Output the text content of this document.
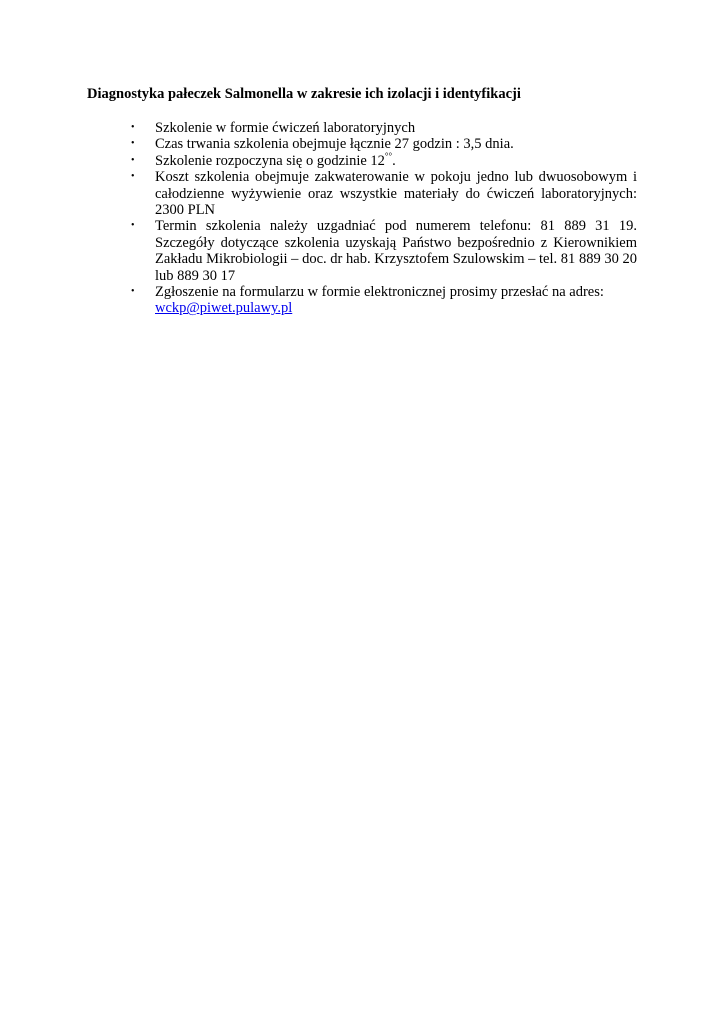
Diagnostyka pałeczek Salmonella w zakresie ich izolacji i identyfikacji
•	Szkolenie w formie ćwiczeń laboratoryjnych
•	Czas trwania szkolenia obejmuje łącznie 27 godzin : 3,5 dnia.
•	Szkolenie rozpoczyna się o godzinie 12°°.
•	Koszt szkolenia obejmuje zakwaterowanie w pokoju jedno lub dwuosobowym i całodzienne wyżywienie oraz wszystkie materiały do ćwiczeń laboratoryjnych: 2300 PLN
•	Termin szkolenia należy uzgadniać pod numerem telefonu: 81 889 31 19. Szczegóły dotyczące szkolenia uzyskają Państwo bezpośrednio z Kierownikiem Zakładu Mikrobiologii – doc. dr hab. Krzysztofem Szulowskim – tel. 81 889 30 20 lub 889 30 17
•	Zgłoszenie na formularzu w formie elektronicznej prosimy przesłać na adres:
wckp@piwet.pulawy.pl
